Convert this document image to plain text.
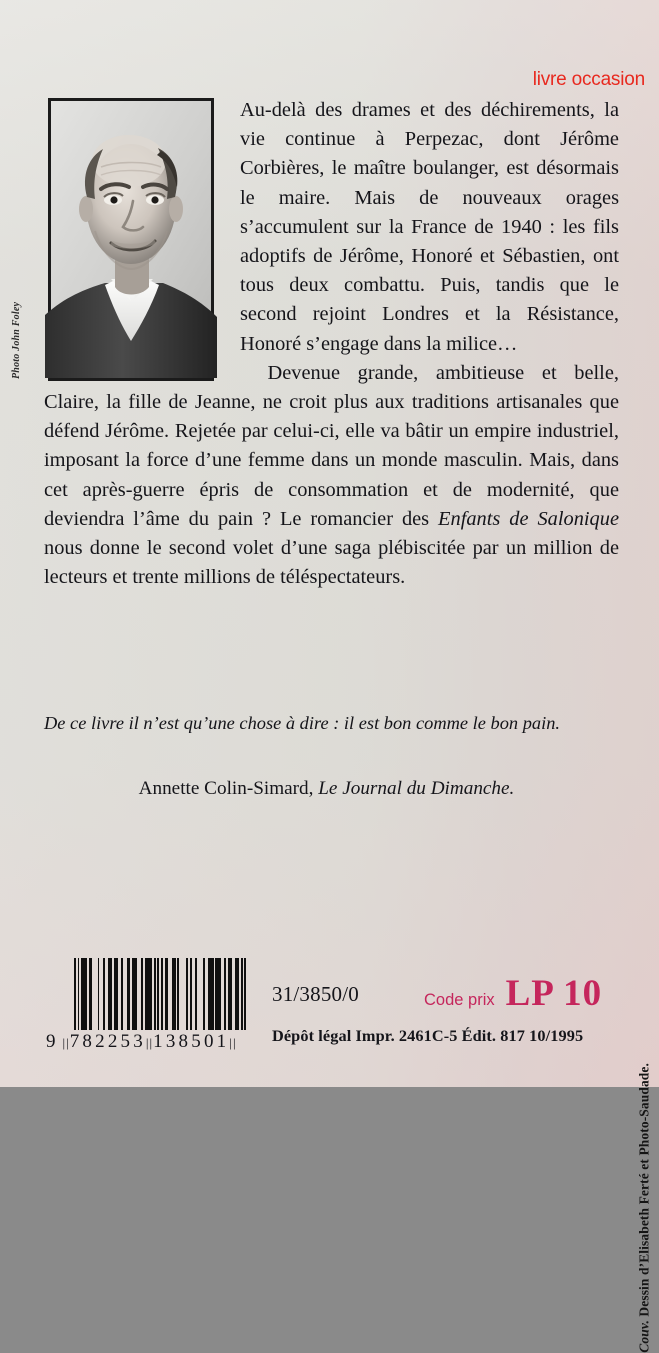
livre occasion
Photo John Foley

Au-delà des drames et des déchirements, la vie continue à Perpezac, dont Jérôme Corbières, le maître boulanger, est désormais le maire. Mais de nouveaux orages s’accumulent sur la France de 1940 : les fils adoptifs de Jérôme, Honoré et Sébastien, ont tous deux combattu. Puis, tandis que le second rejoint Londres et la Résistance, Honoré s’engage dans la milice…

Devenue grande, ambitieuse et belle, Claire, la fille de Jeanne, ne croit plus aux traditions artisanales que défend Jérôme. Rejetée par celui-ci, elle va bâtir un empire industriel, imposant la force d’une femme dans un monde masculin. Mais, dans cet après-guerre épris de consommation et de modernité, que deviendra l’âme du pain ? Le romancier des Enfants de Salonique nous donne le second volet d’une saga plébiscitée par un million de lecteurs et trente millions de téléspectateurs.

De ce livre il n’est qu’une chose à dire : il est bon comme le bon pain.

Annette Colin-Simard, Le Journal du Dimanche.
Couv. Dessin d’Elisabeth Ferté et Photo-Saudade.
9 || 782253 || 138501 ||
31/3850/0	Code prix LP 10
Dépôt légal Impr. 2461C-5 Édit. 817 10/1995
